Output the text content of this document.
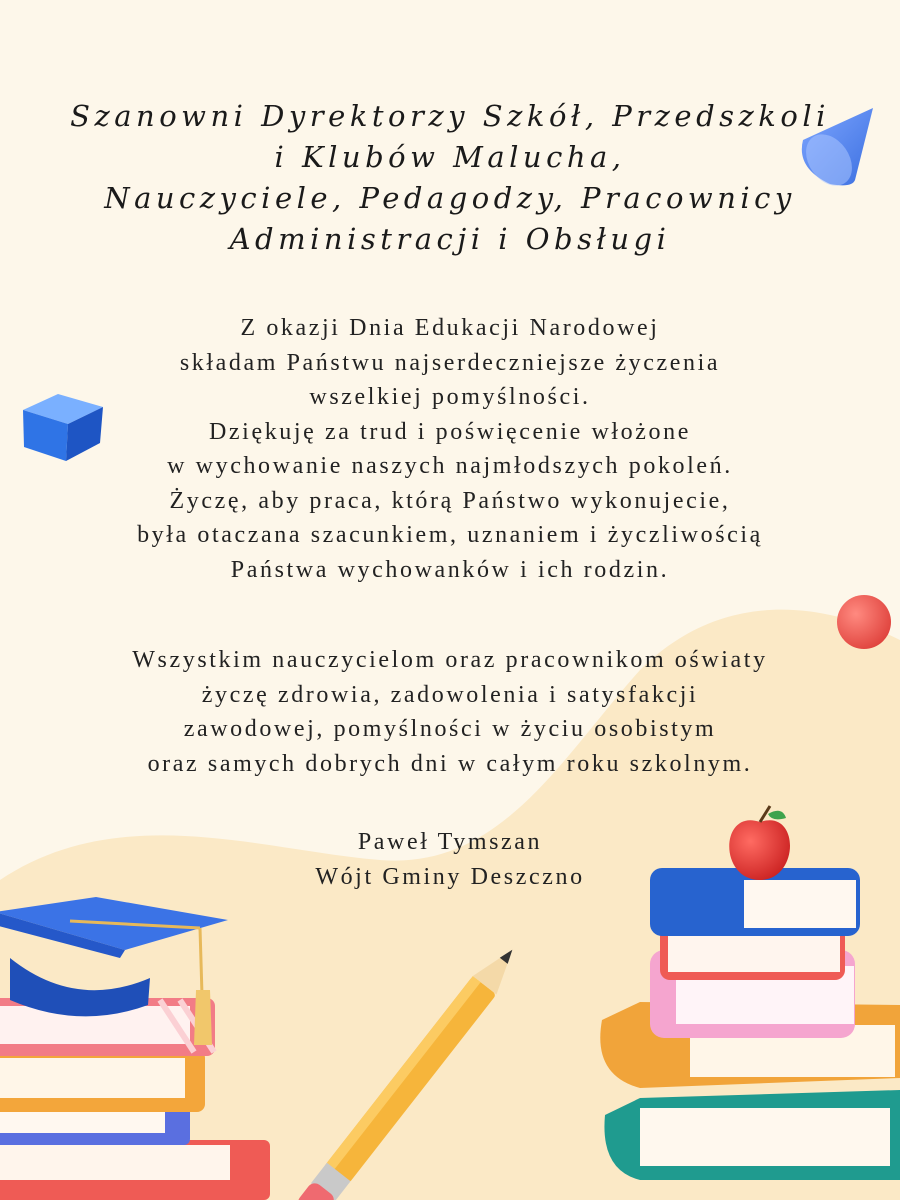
Szanowni Dyrektorzy Szkół, Przedszkoli
i Klubów Malucha,
Nauczyciele, Pedagodzy, Pracownicy
Administracji i Obsługi
Z okazji Dnia Edukacji Narodowej
składam Państwu najserdeczniejsze życzenia
wszelkiej pomyślności.
Dziękuję za trud i poświęcenie włożone
w wychowanie naszych najmłodszych pokoleń.
Życzę, aby praca, którą Państwo wykonujecie,
była otaczana szacunkiem, uznaniem i życzliwością
Państwa wychowanków i ich rodzin.
Wszystkim nauczycielom oraz pracownikom oświaty
życzę zdrowia, zadowolenia i satysfakcji
zawodowej, pomyślności w życiu osobistym
oraz samych dobrych dni w całym roku szkolnym.
Paweł Tymszan
Wójt Gminy Deszczno
